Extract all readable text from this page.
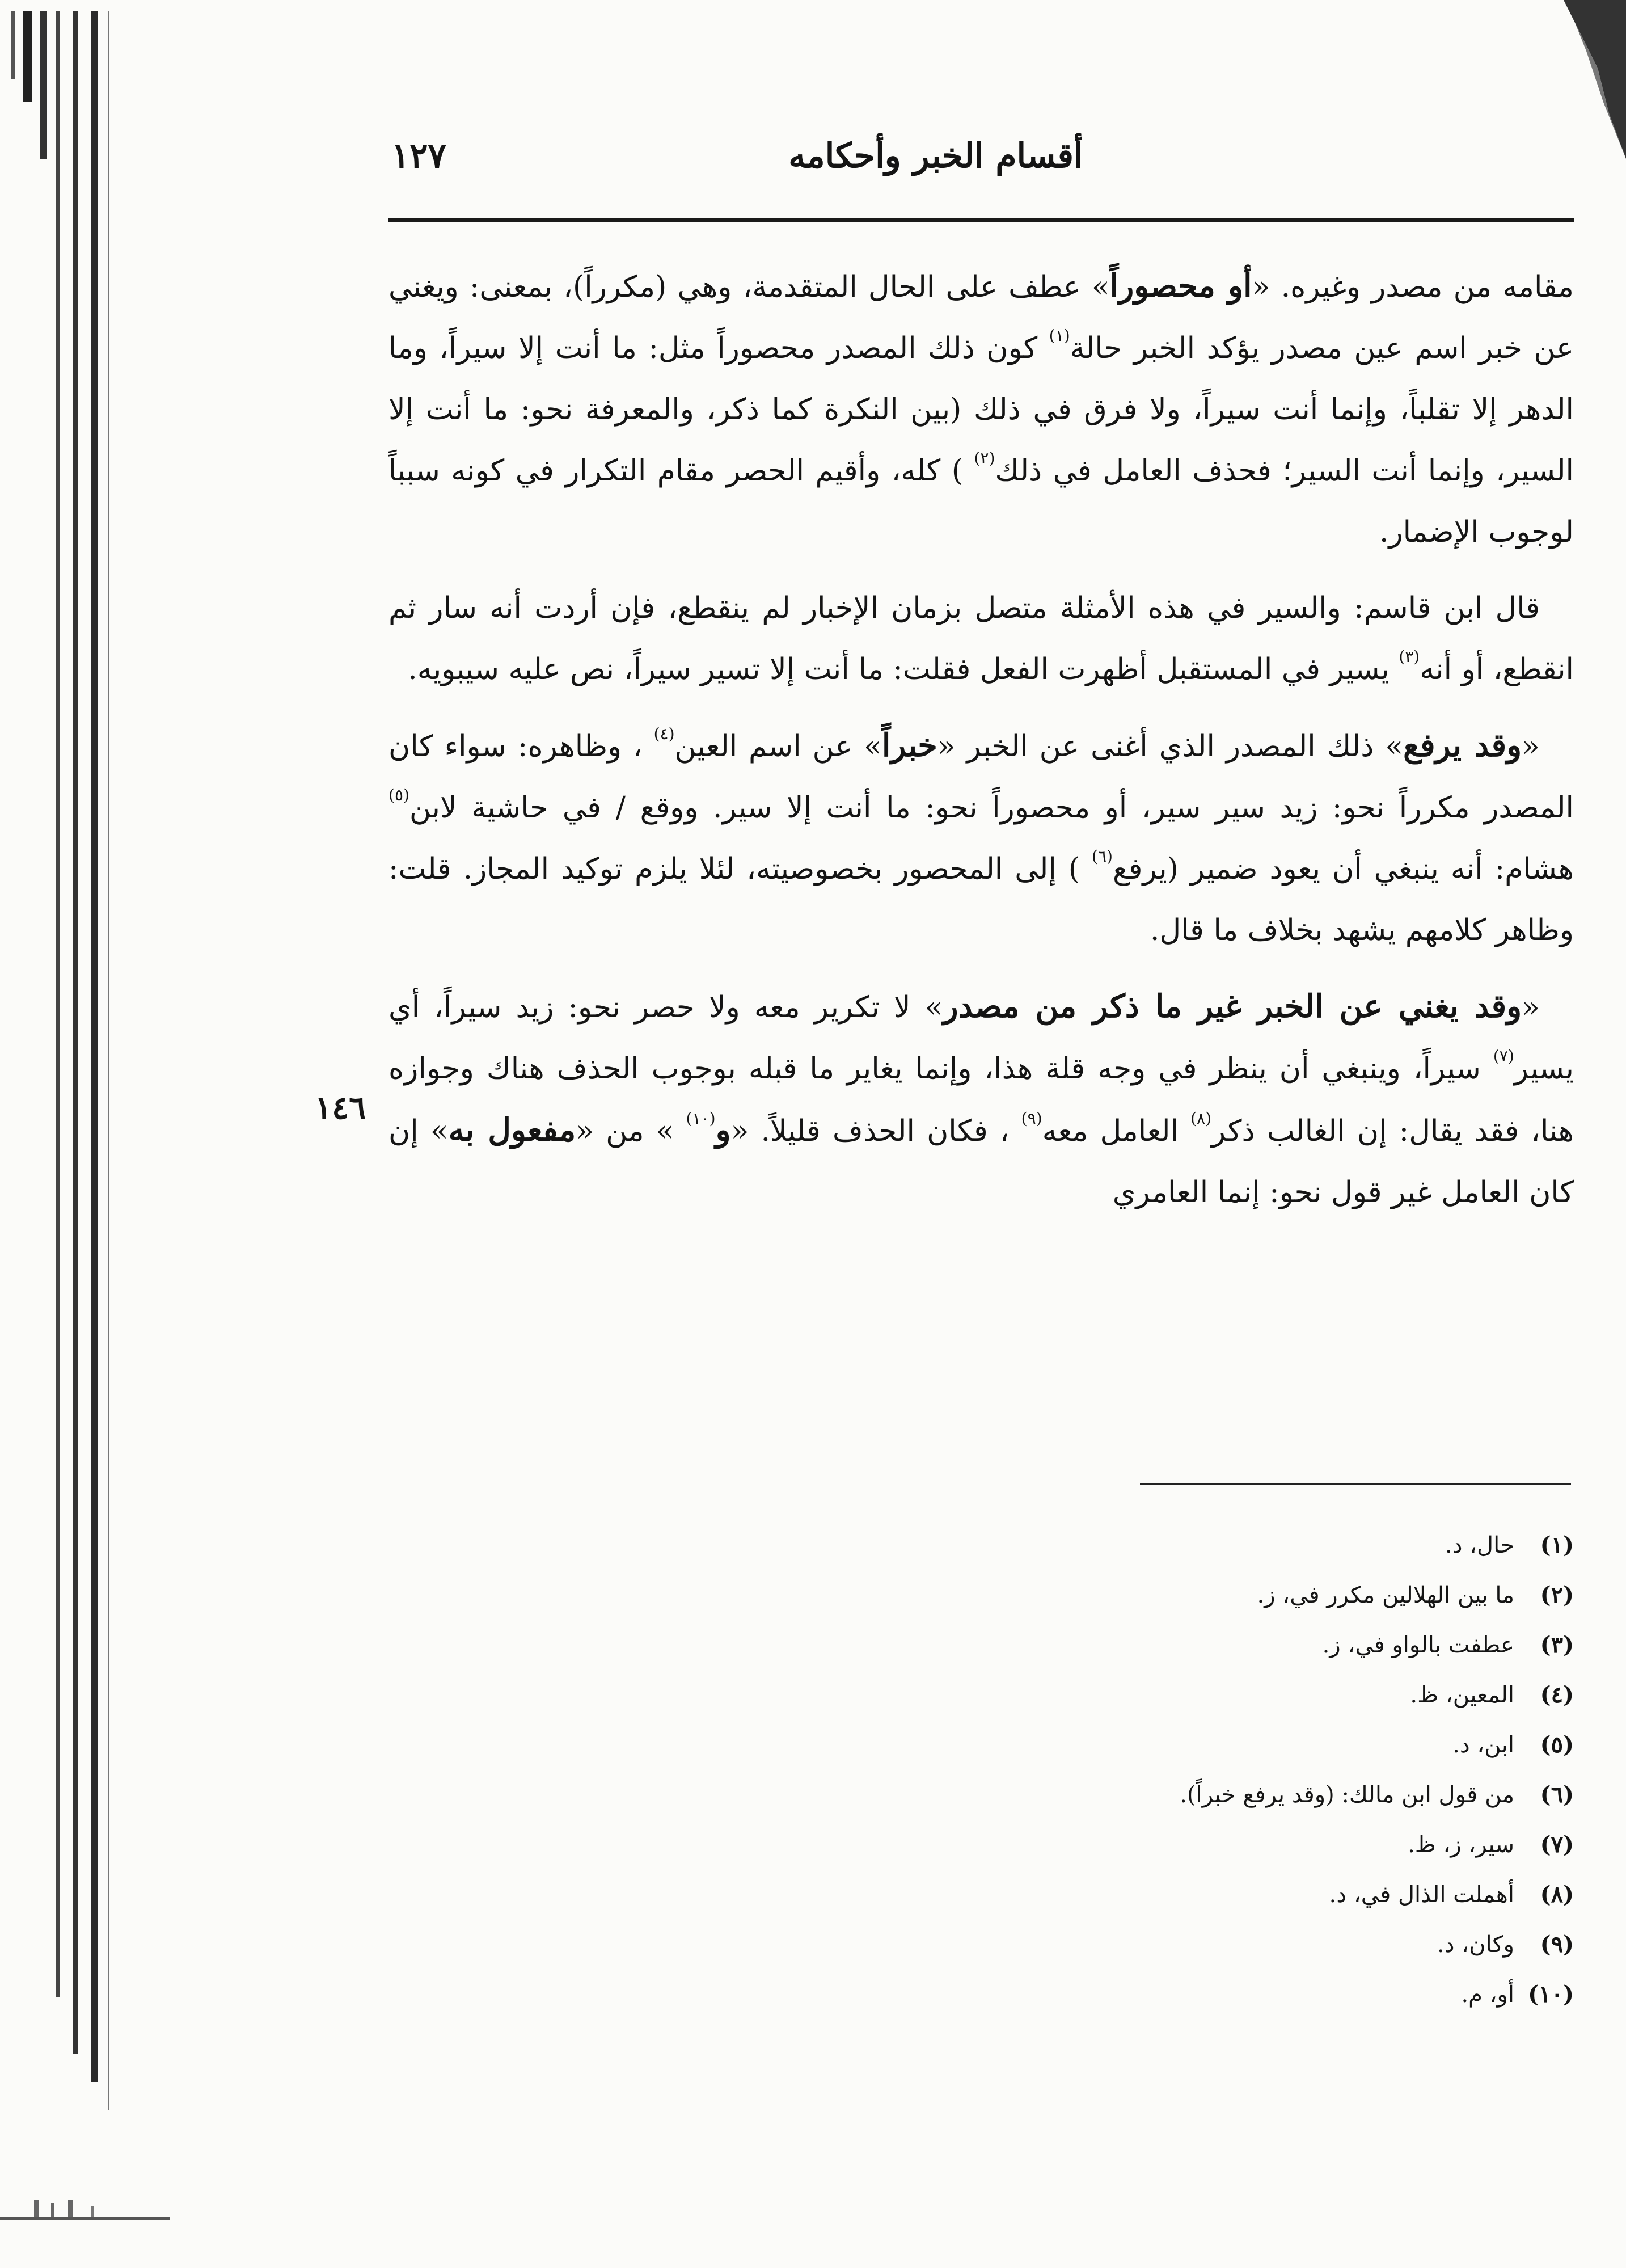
١٢٧	أقسام الخبر وأحكامه

مقامه من مصدر وغيره. «أو محصوراً» عطف على الحال المتقدمة، وهي (مكرراً)، بمعنى: ويغني عن خبر اسم عين مصدر يؤكد الخبر حالة$^{(١)}$ كون ذلك المصدر محصوراً مثل: ما أنت إلا سيراً، وما الدهر إلا تقلباً، وإنما أنت سيراً، ولا فرق في ذلك (بين النكرة كما ذكر، والمعرفة نحو: ما أنت إلا السير، وإنما أنت السير؛ فحذف العامل في ذلك$^{(٢)}$ ) كله، وأقيم الحصر مقام التكرار في كونه سبباً لوجوب الإضمار.

قال ابن قاسم: والسير في هذه الأمثلة متصل بزمان الإخبار لم ينقطع، فإن أردت أنه سار ثم انقطع، أو أنه$^{(٣)}$ يسير في المستقبل أظهرت الفعل فقلت: ما أنت إلا تسير سيراً، نص عليه سيبويه.

«وقد يرفع» ذلك المصدر الذي أغنى عن الخبر «خبراً» عن اسم العين$^{(٤)}$ ، وظاهره: سواء كان المصدر مكرراً نحو: زيد سير سير، أو محصوراً نحو: ما أنت إلا سير. ووقع / في حاشية لابن$^{(٥)}$ هشام: أنه ينبغي أن يعود ضمير (يرفع$^{(٦)}$ ) إلى المحصور بخصوصيته، لئلا يلزم توكيد المجاز. قلت: وظاهر كلامهم يشهد بخلاف ما قال.

«وقد يغني عن الخبر غير ما ذكر من مصدر» لا تكرير معه ولا حصر نحو: زيد سيراً، أي يسير$^{(٧)}$ سيراً، وينبغي أن ينظر في وجه قلة هذا، وإنما يغاير ما قبله بوجوب الحذف هناك وجوازه هنا، فقد يقال: إن الغالب ذكر$^{(٨)}$ العامل معه$^{(٩)}$ ، فكان الحذف قليلاً. «و$^{(١٠)}$ » من «مفعول به» إن كان العامل غير قول نحو: إنما العامري

١٤٦
(١)حال، د.
(٢)ما بين الهلالين مكرر في، ز.
(٣)عطفت بالواو في، ز.
(٤)المعين، ظ.
(٥)ابن، د.
(٦)من قول ابن مالك: (وقد يرفع خبراً).
(٧)سير، ز، ظ.
(٨)أهملت الذال في، د.
(٩)وكان، د.
(١٠)أو، م.
